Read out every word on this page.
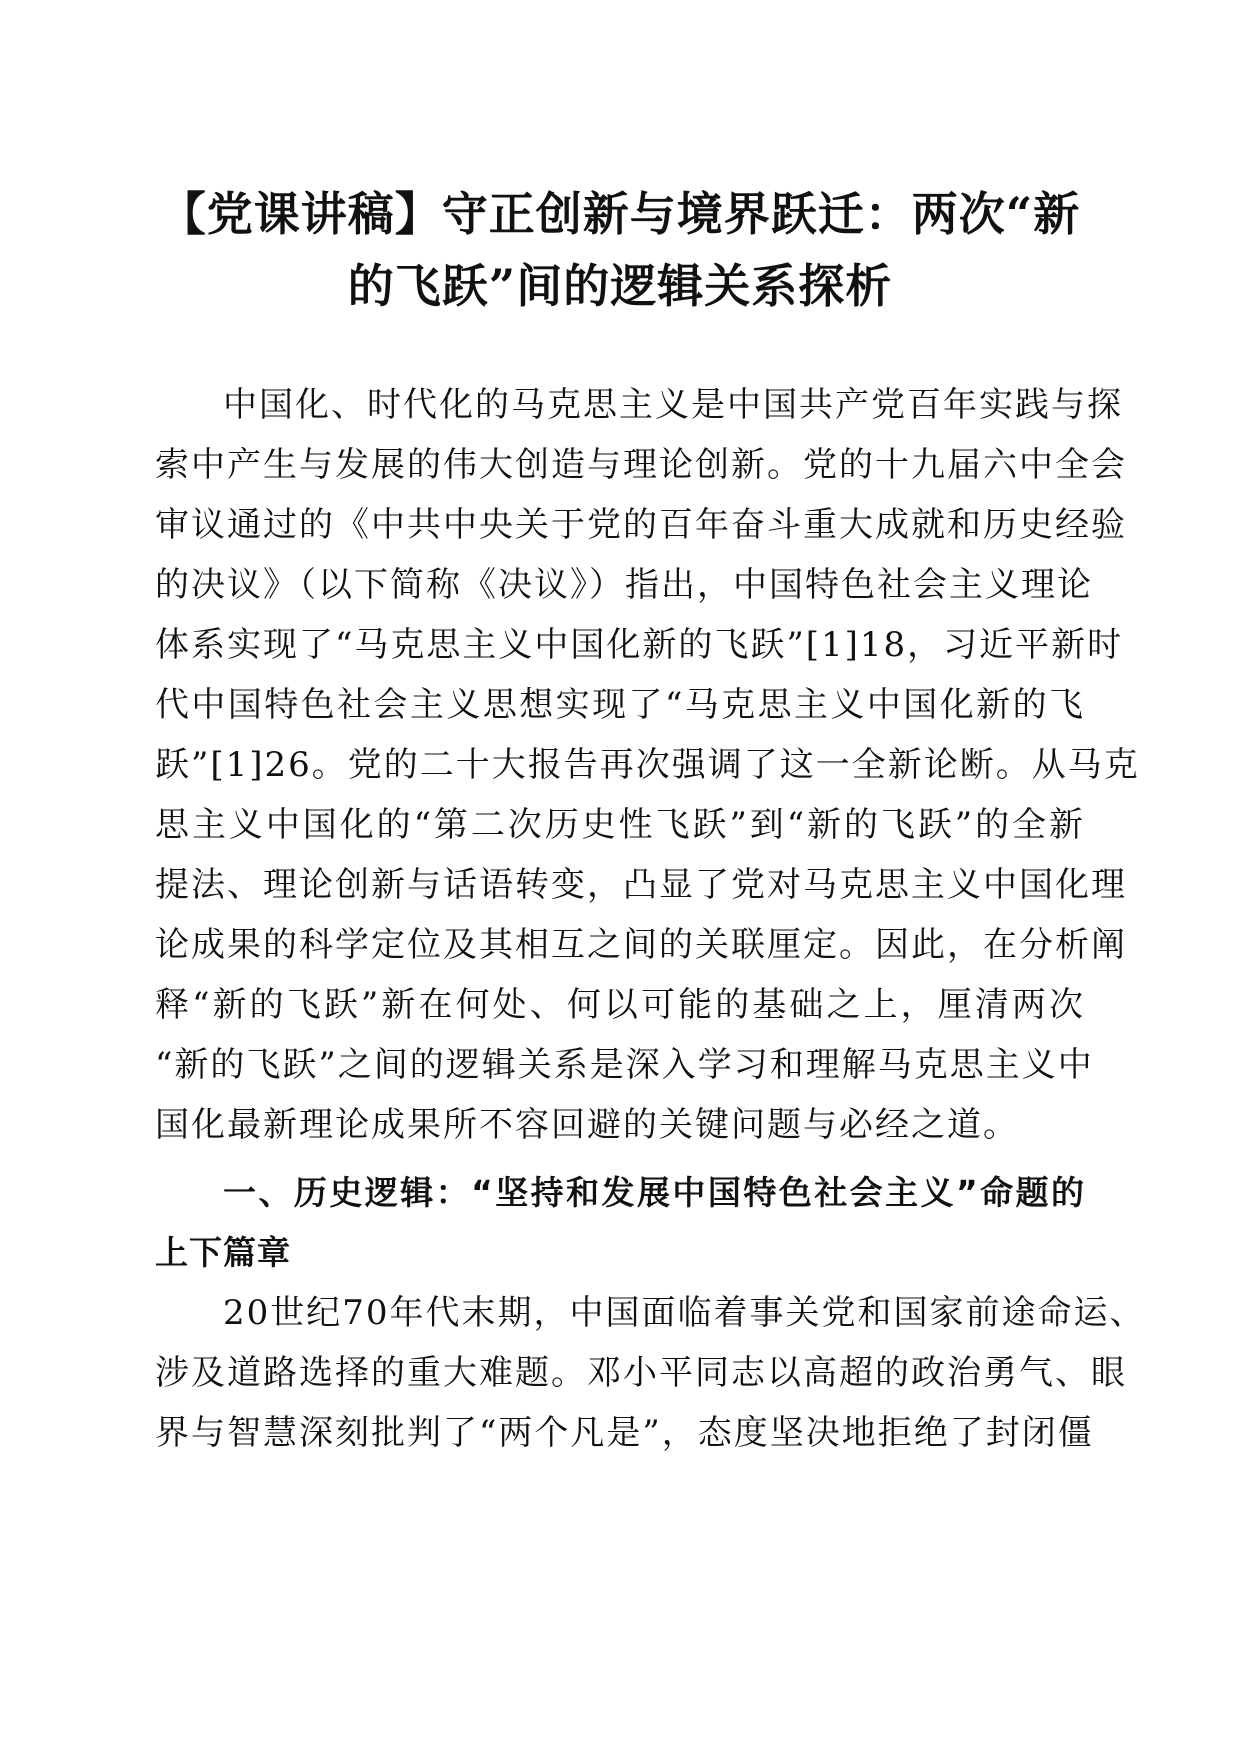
【党课讲稿】守正创新与境界跃迁：两次“新
的飞跃”间的逻辑关系探析
中国化、时代化的马克思主义是中国共产党百年实践与探
索中产生与发展的伟大创造与理论创新。党的十九届六中全会
审议通过的《中共中央关于党的百年奋斗重大成就和历史经验
的决议》（以下简称《决议》）指出，中国特色社会主义理论
体系实现了“马克思主义中国化新的飞跃”[1]18，习近平新时
代中国特色社会主义思想实现了“马克思主义中国化新的飞
跃”[1]26。党的二十大报告再次强调了这一全新论断。从马克
思主义中国化的“第二次历史性飞跃”到“新的飞跃”的全新
提法、理论创新与话语转变，凸显了党对马克思主义中国化理
论成果的科学定位及其相互之间的关联厘定。因此，在分析阐
释“新的飞跃”新在何处、何以可能的基础之上，厘清两次
“新的飞跃”之间的逻辑关系是深入学习和理解马克思主义中
国化最新理论成果所不容回避的关键问题与必经之道。
一、历史逻辑：“坚持和发展中国特色社会主义”命题的
上下篇章
20世纪70年代末期，中国面临着事关党和国家前途命运、
涉及道路选择的重大难题。邓小平同志以高超的政治勇气、眼
界与智慧深刻批判了“两个凡是”，态度坚决地拒绝了封闭僵
